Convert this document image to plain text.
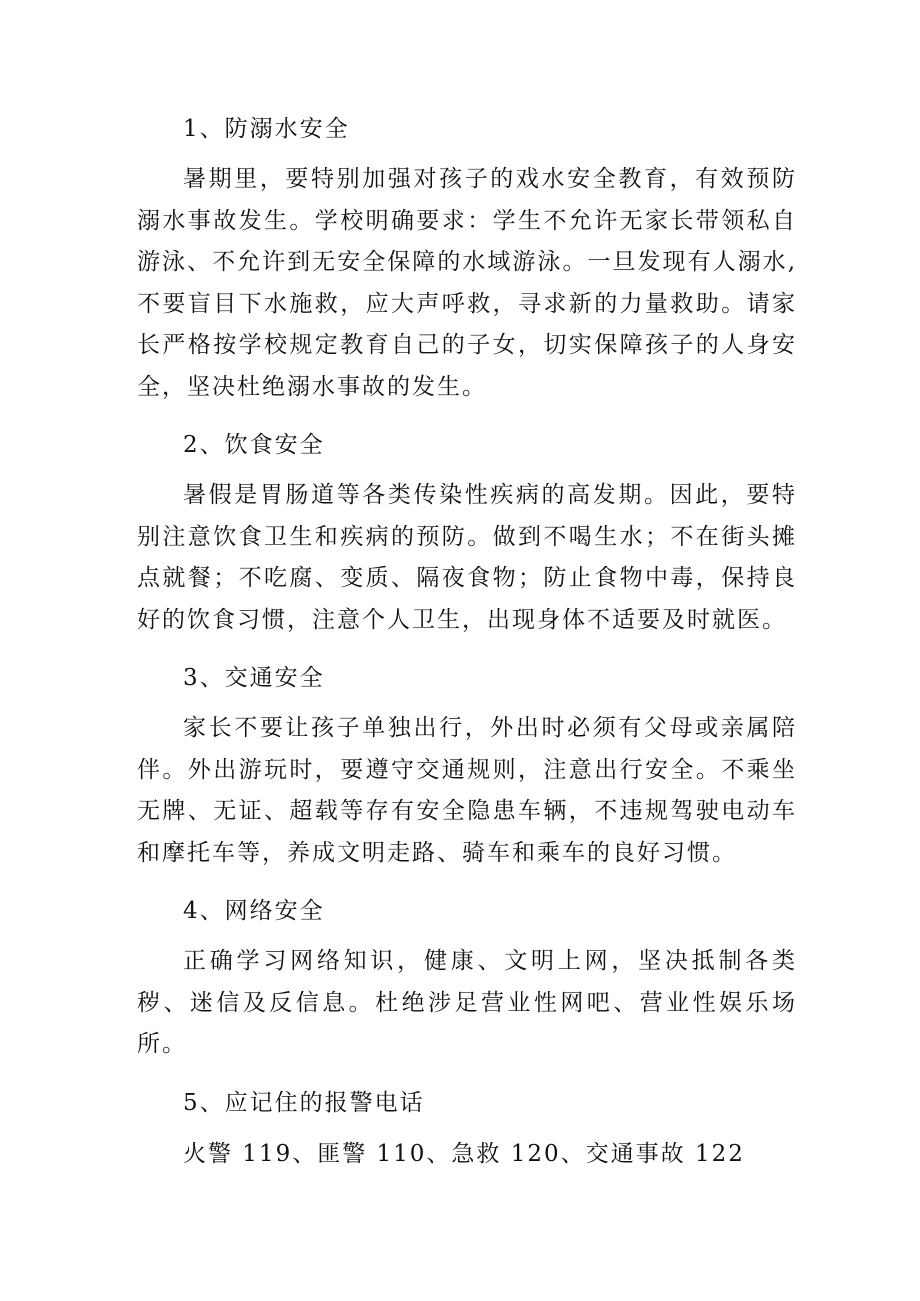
1、防溺水安全

暑期里，要特别加强对孩子的戏水安全教育，有效预防溺水事故发生。学校明确要求：学生不允许无家长带领私自游泳、不允许到无安全保障的水域游泳。一旦发现有人溺水,不要盲目下水施救，应大声呼救，寻求新的力量救助。请家长严格按学校规定教育自己的子女，切实保障孩子的人身安全，坚决杜绝溺水事故的发生。

2、饮食安全

暑假是胃肠道等各类传染性疾病的高发期。因此，要特别注意饮食卫生和疾病的预防。做到不喝生水；不在街头摊点就餐；不吃腐、变质、隔夜食物；防止食物中毒，保持良好的饮食习惯，注意个人卫生，出现身体不适要及时就医。

3、交通安全

家长不要让孩子单独出行，外出时必须有父母或亲属陪伴。外出游玩时，要遵守交通规则，注意出行安全。不乘坐无牌、无证、超载等存有安全隐患车辆，不违规驾驶电动车和摩托车等，养成文明走路、骑车和乘车的良好习惯。

4、网络安全

正确学习网络知识，健康、文明上网，坚决抵制各类秽、迷信及反信息。杜绝涉足营业性网吧、营业性娱乐场所。

5、应记住的报警电话

火警 119、匪警 110、急救 120、交通事故 122
